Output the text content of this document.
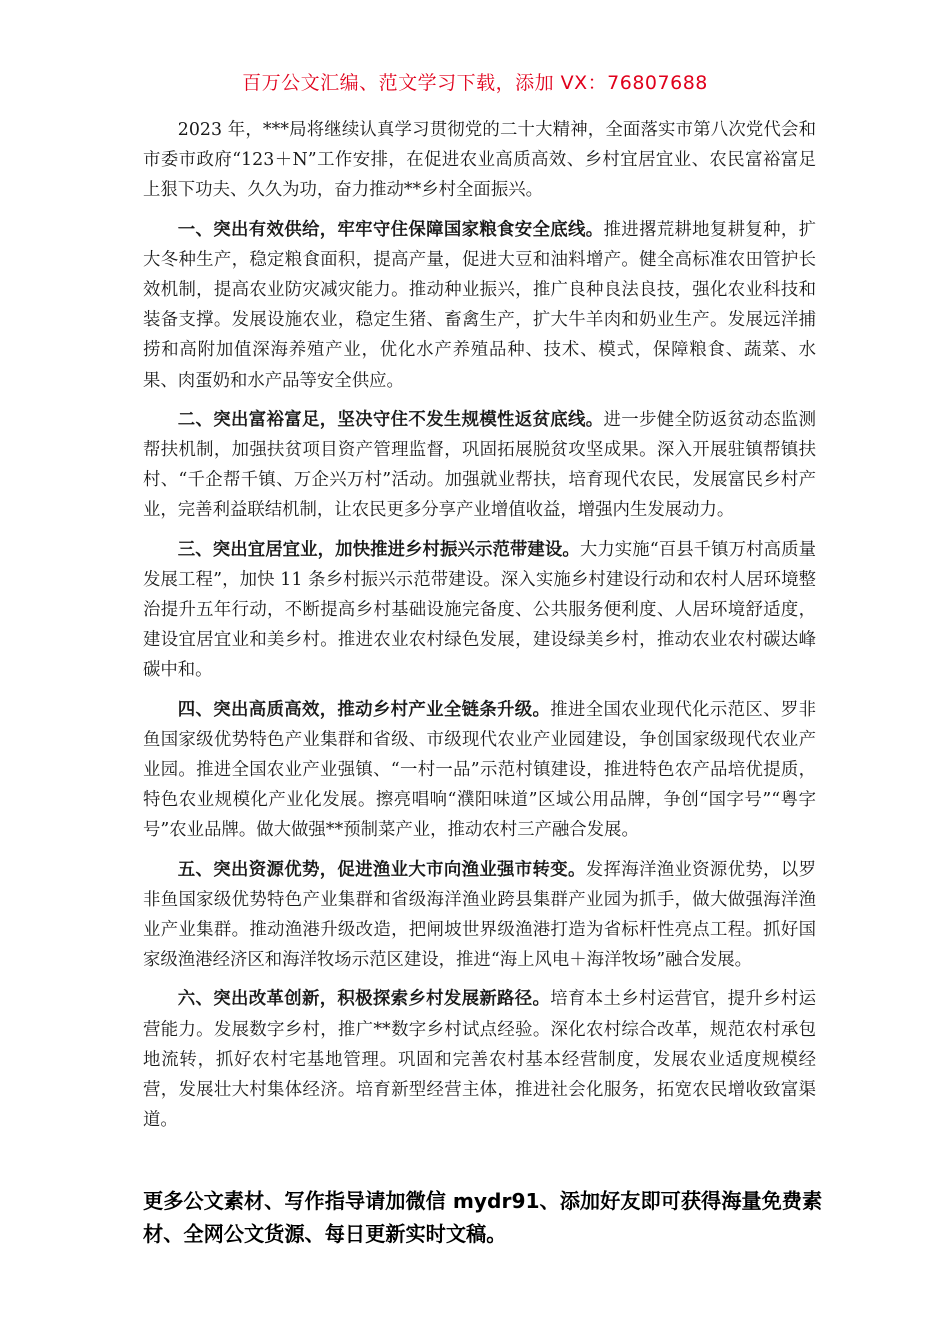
百万公文汇编、范文学习下载，添加 VX：76807688

2023 年，***局将继续认真学习贯彻党的二十大精神，全面落实市第八次党代会和市委市政府“123＋N”工作安排，在促进农业高质高效、乡村宜居宜业、农民富裕富足上狠下功夫、久久为功，奋力推动**乡村全面振兴。

一、突出有效供给，牢牢守住保障国家粮食安全底线。推进撂荒耕地复耕复种，扩大冬种生产，稳定粮食面积，提高产量，促进大豆和油料增产。健全高标准农田管护长效机制，提高农业防灾减灾能力。推动种业振兴，推广良种良法良技，强化农业科技和装备支撑。发展设施农业，稳定生猪、畜禽生产，扩大牛羊肉和奶业生产。发展远洋捕捞和高附加值深海养殖产业，优化水产养殖品种、技术、模式，保障粮食、蔬菜、水果、肉蛋奶和水产品等安全供应。

二、突出富裕富足，坚决守住不发生规模性返贫底线。进一步健全防返贫动态监测帮扶机制，加强扶贫项目资产管理监督，巩固拓展脱贫攻坚成果。深入开展驻镇帮镇扶村、“千企帮千镇、万企兴万村”活动。加强就业帮扶，培育现代农民，发展富民乡村产业，完善利益联结机制，让农民更多分享产业增值收益，增强内生发展动力。

三、突出宜居宜业，加快推进乡村振兴示范带建设。大力实施“百县千镇万村高质量发展工程”，加快 11 条乡村振兴示范带建设。深入实施乡村建设行动和农村人居环境整治提升五年行动，不断提高乡村基础设施完备度、公共服务便利度、人居环境舒适度，建设宜居宜业和美乡村。推进农业农村绿色发展，建设绿美乡村，推动农业农村碳达峰碳中和。

四、突出高质高效，推动乡村产业全链条升级。推进全国农业现代化示范区、罗非鱼国家级优势特色产业集群和省级、市级现代农业产业园建设，争创国家级现代农业产业园。推进全国农业产业强镇、“一村一品”示范村镇建设，推进特色农产品培优提质，特色农业规模化产业化发展。擦亮唱响“濮阳味道”区域公用品牌，争创“国字号”“粤字号”农业品牌。做大做强**预制菜产业，推动农村三产融合发展。

五、突出资源优势，促进渔业大市向渔业强市转变。发挥海洋渔业资源优势，以罗非鱼国家级优势特色产业集群和省级海洋渔业跨县集群产业园为抓手，做大做强海洋渔业产业集群。推动渔港升级改造，把闸坡世界级渔港打造为省标杆性亮点工程。抓好国家级渔港经济区和海洋牧场示范区建设，推进“海上风电＋海洋牧场”融合发展。

六、突出改革创新，积极探索乡村发展新路径。培育本土乡村运营官，提升乡村运营能力。发展数字乡村，推广**数字乡村试点经验。深化农村综合改革，规范农村承包地流转，抓好农村宅基地管理。巩固和完善农村基本经营制度，发展农业适度规模经营，发展壮大村集体经济。培育新型经营主体，推进社会化服务，拓宽农民增收致富渠道。

更多公文素材、写作指导请加微信 mydr91、添加好友即可获得海量免费素材、全网公文货源、每日更新实时文稿。
